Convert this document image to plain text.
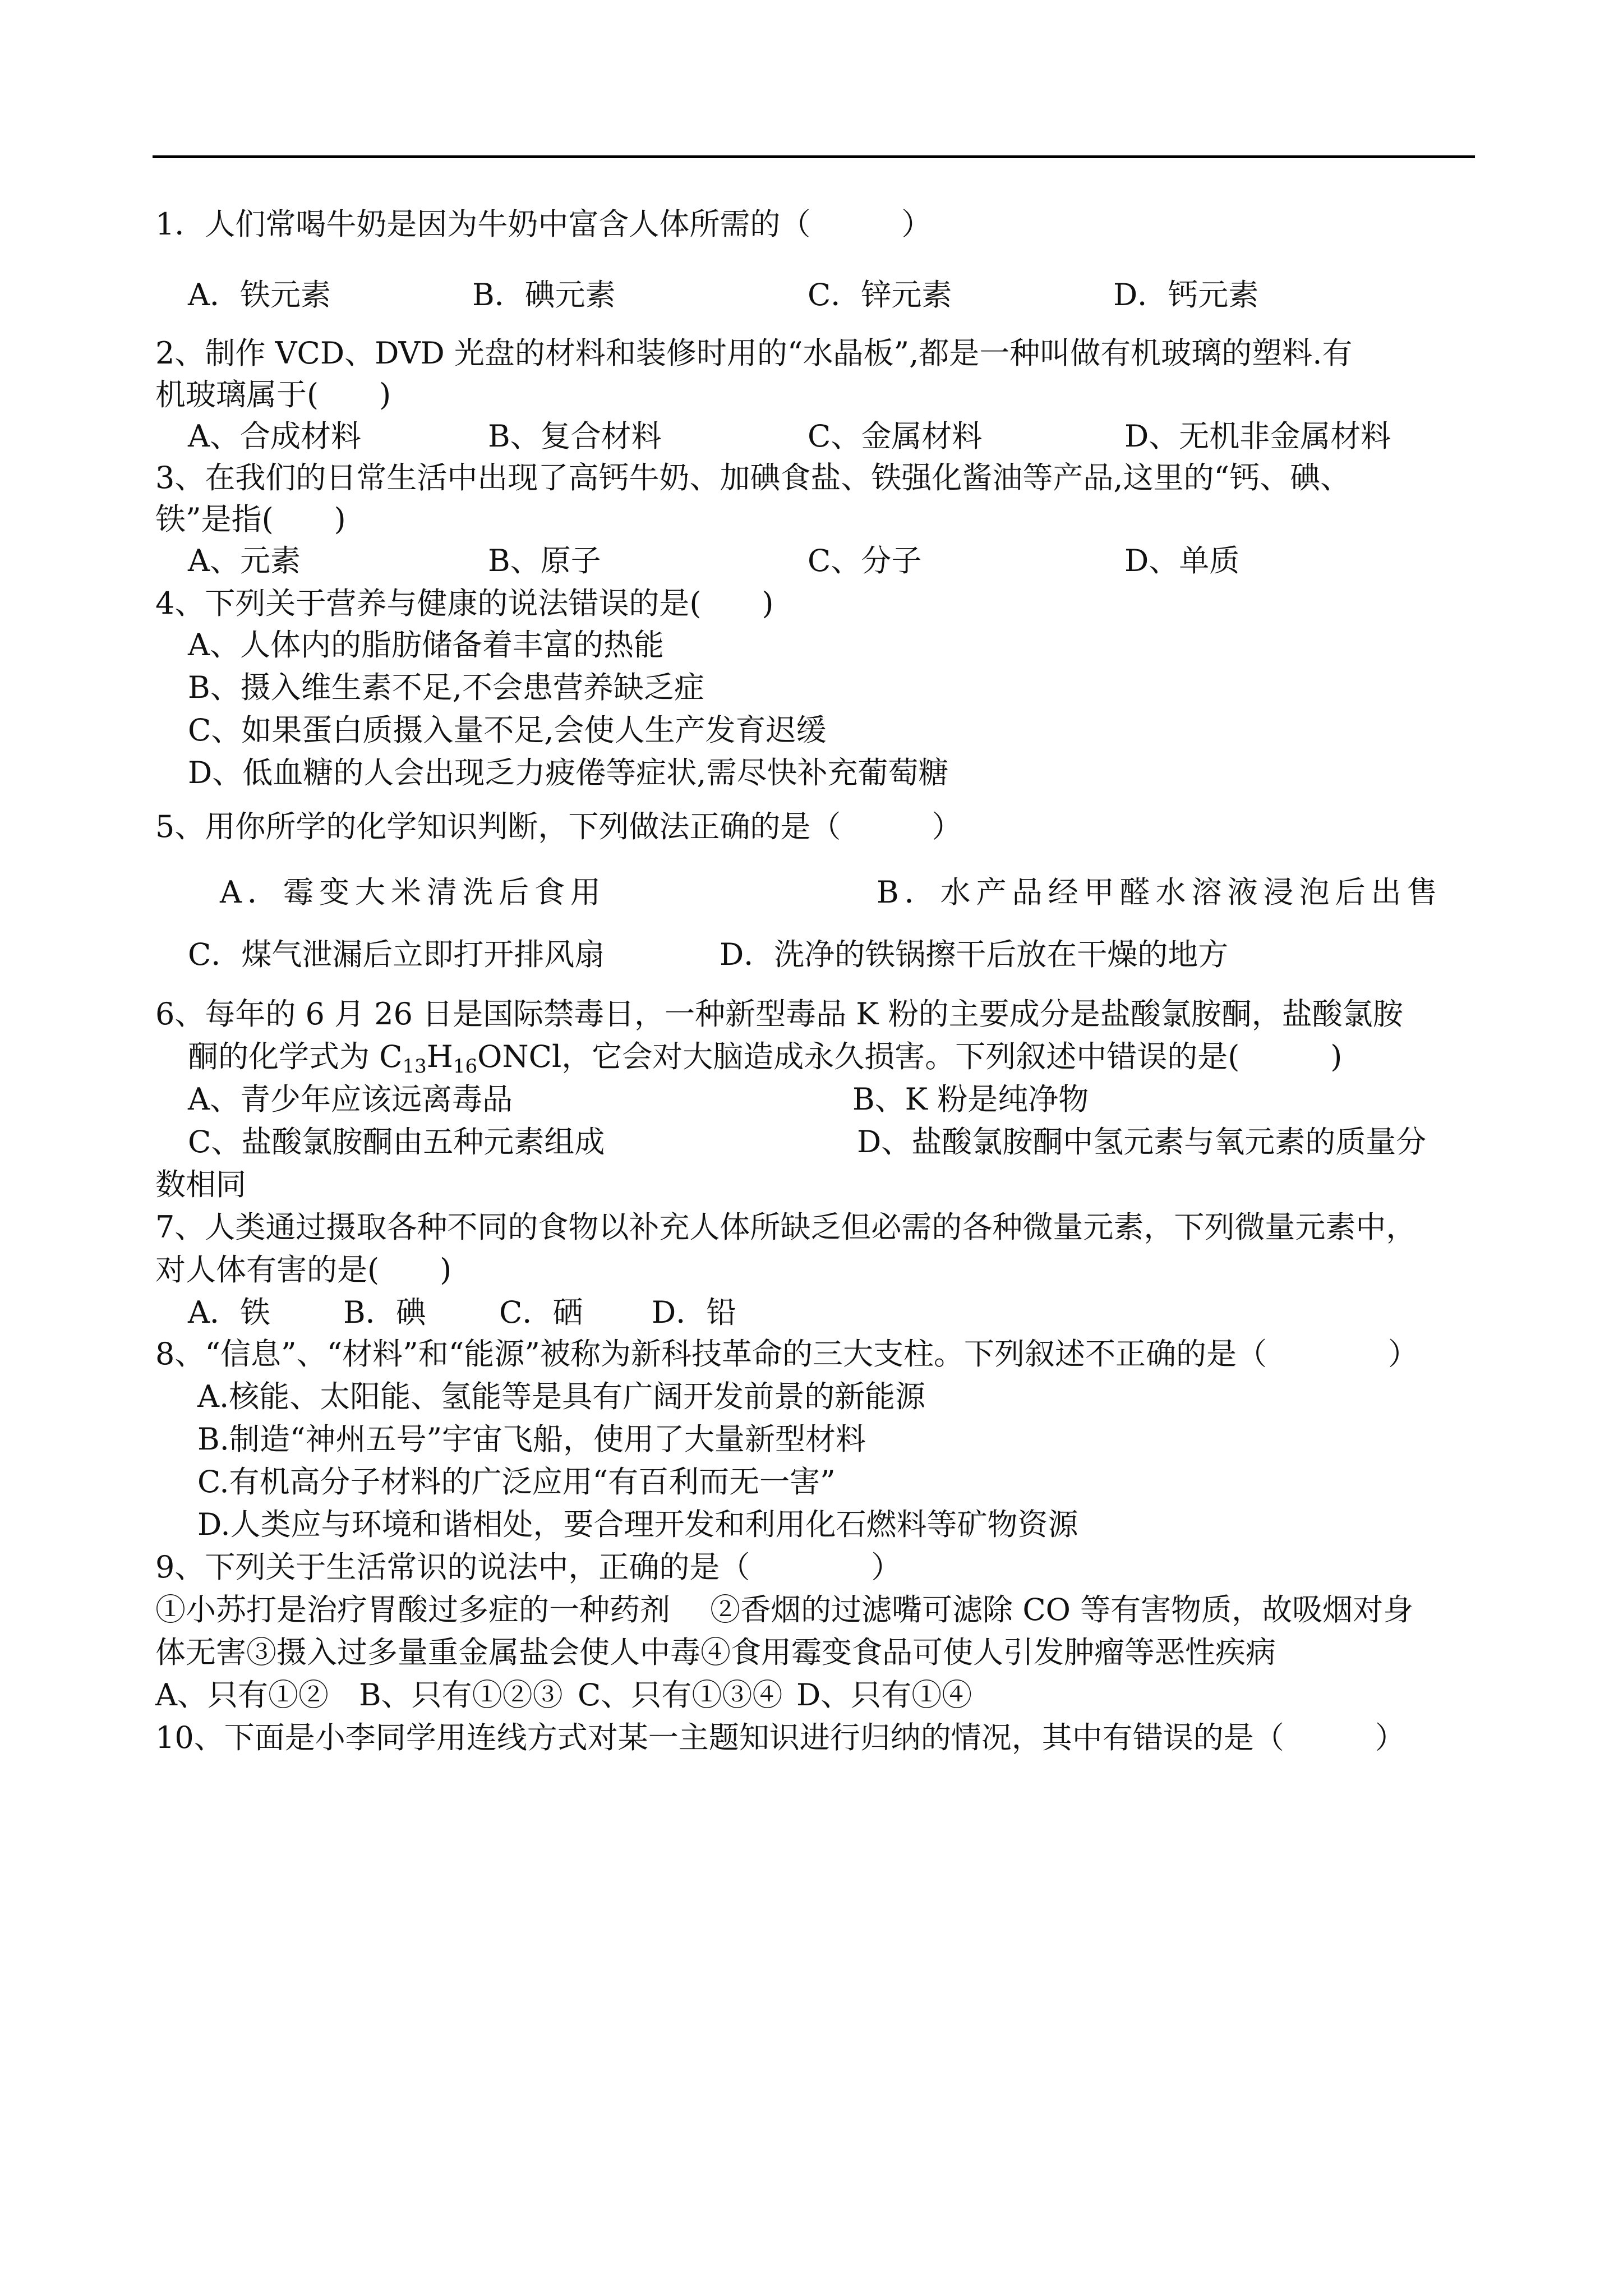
1．人们常喝牛奶是因为牛奶中富含人体所需的（　　　）
A．铁元素	B．碘元素	C．锌元素	D．钙元素
2、制作 VCD、DVD 光盘的材料和装修时用的“水晶板”,都是一种叫做有机玻璃的塑料.有
机玻璃属于(　　)
A、合成材料	B、复合材料	C、金属材料	D、无机非金属材料
3、在我们的日常生活中出现了高钙牛奶、加碘食盐、铁强化酱油等产品,这里的“钙、碘、
铁”是指(　　)
A、元素	B、原子	C、分子	D、单质
4、下列关于营养与健康的说法错误的是(　　)
A、人体内的脂肪储备着丰富的热能
B、摄入维生素不足,不会患营养缺乏症
C、如果蛋白质摄入量不足,会使人生产发育迟缓
D、低血糖的人会出现乏力疲倦等症状,需尽快补充葡萄糖
5、用你所学的化学知识判断，下列做法正确的是（　　　）
A．霉变大米清洗后食用	B．水产品经甲醛水溶液浸泡后出售
C．煤气泄漏后立即打开排风扇	D．洗净的铁锅擦干后放在干燥的地方
6、每年的 6 月 26 日是国际禁毒日，一种新型毒品 K 粉的主要成分是盐酸氯胺酮，盐酸氯胺
酮的化学式为 $C_{13}H_{16}ONCl$，它会对大脑造成永久损害。下列叙述中错误的是(　　　)
A、青少年应该远离毒品	B、K 粉是纯净物
C、盐酸氯胺酮由五种元素组成	D、盐酸氯胺酮中氢元素与氧元素的质量分
数相同
7、人类通过摄取各种不同的食物以补充人体所缺乏但必需的各种微量元素，下列微量元素中，
对人体有害的是(　　)
A．铁 B．碘 C．硒 D．铅
8、“信息”、“材料”和“能源”被称为新科技革命的三大支柱。下列叙述不正确的是（　　　　）
A.核能、太阳能、氢能等是具有广阔开发前景的新能源
B.制造“神州五号”宇宙飞船，使用了大量新型材料
C.有机高分子材料的广泛应用“有百利而无一害”
D.人类应与环境和谐相处，要合理开发和利用化石燃料等矿物资源
9、下列关于生活常识的说法中，正确的是（　　　　）
①小苏打是治疗胃酸过多症的一种药剂　 ②香烟的过滤嘴可滤除 CO 等有害物质，故吸烟对身
体无害③摄入过多量重金属盐会使人中毒④食用霉变食品可使人引发肿瘤等恶性疾病
A、只有①② B、只有①②③ C、只有①③④ D、只有①④
10、下面是小李同学用连线方式对某一主题知识进行归纳的情况，其中有错误的是（　　　）
